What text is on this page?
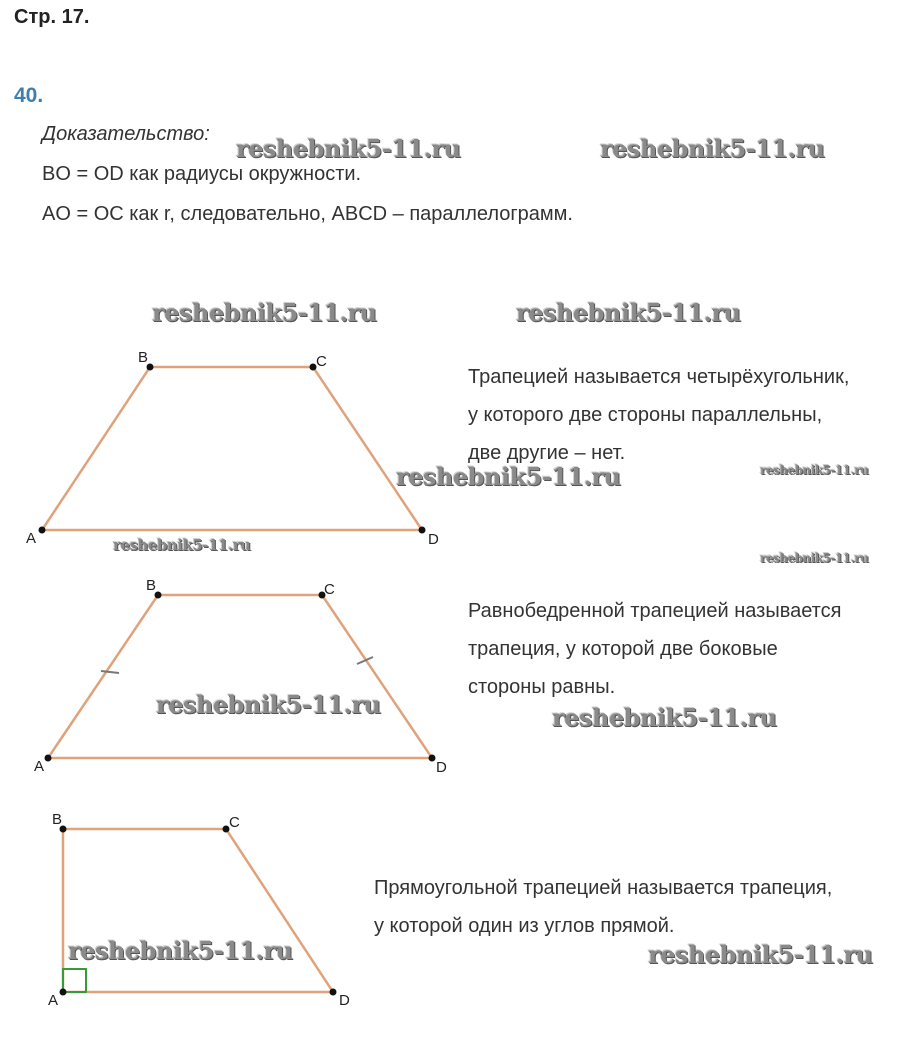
Стр. 17.
40.
Доказательство:
BO = OD как радиусы окружности.
AO = OC как r, следовательно, ABCD – параллелограмм.
Трапецией называется четырёхугольник,
у которого две стороны параллельны,
две другие – нет.
Равнобедренной трапецией называется
трапеция, у которой две боковые
стороны равны.
Прямоугольной трапецией называется трапеция,
у которой один из углов прямой.
A
B	C
D
A
B	C
D
A
B	C
D
reshebnik5-11.ru	reshebnik5-11.ru
reshebnik5-11.ru	reshebnik5-11.ru
reshebnik5-11.ru	reshebnik5-11.ru
reshebnik5-11.ru
reshebnik5-11.ru
reshebnik5-11.ru	reshebnik5-11.ru
reshebnik5-11.ru	reshebnik5-11.ru
